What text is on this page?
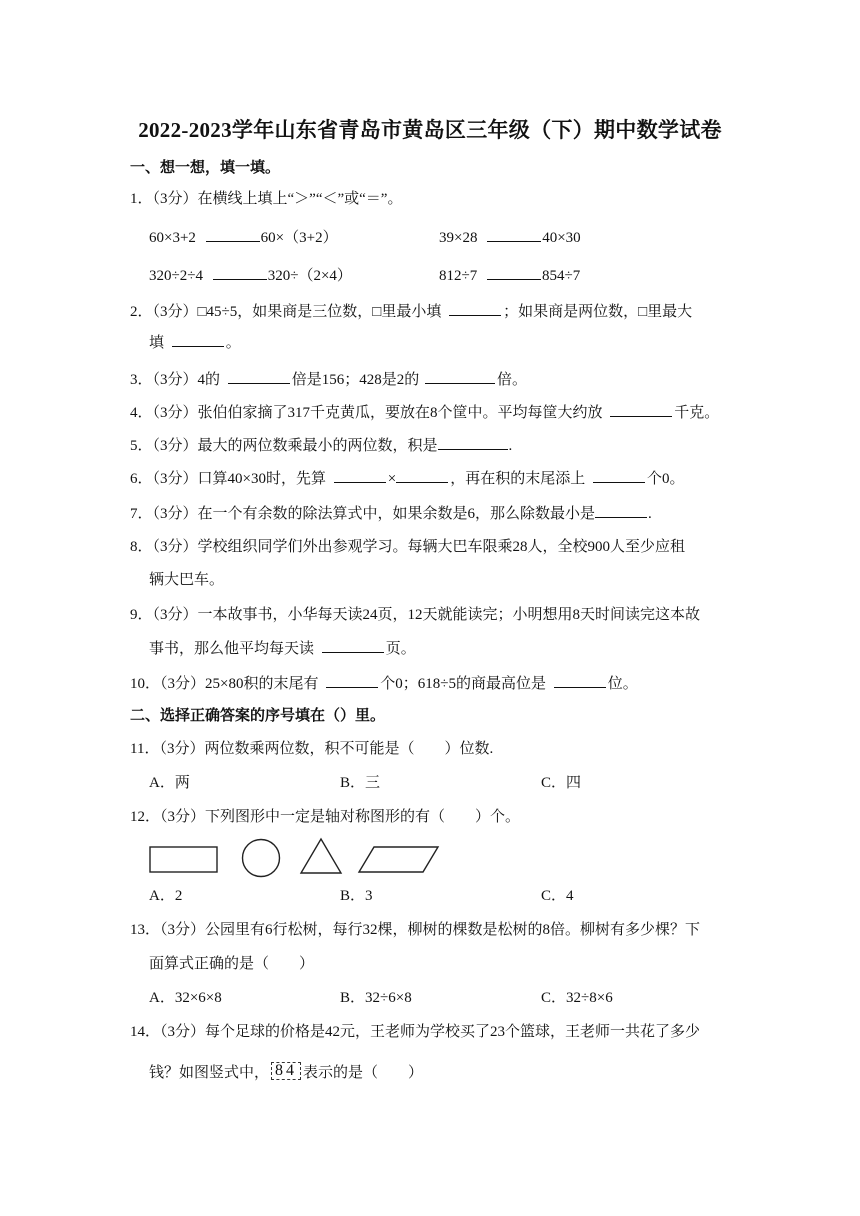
2022-2023学年山东省青岛市黄岛区三年级（下）期中数学试卷
一、想一想，填一填。
1．（3分）在横线上填上“＞”“＜”或“＝”。
60×3+2	60×（3+2）	39×28	40×30
320÷2÷4	320÷（2×4）	812÷7	854÷7
2．（3分）□45÷5，如果商是三位数，□里最小填	；如果商是两位数，□里最大
填	。
3．（3分）4的	倍是156；428是2的	倍。
4．（3分）张伯伯家摘了317千克黄瓜，要放在8个筐中。平均每筐大约放	千克。
5．（3分）最大的两位数乘最小的两位数，积是	.
6．（3分）口算40×30时，先算	×	，再在积的末尾添上	个0。
7．（3分）在一个有余数的除法算式中，如果余数是6，那么除数最小是	.
8．（3分）学校组织同学们外出参观学习。每辆大巴车限乘28人，全校900人至少应租
辆大巴车。
9．（3分）一本故事书，小华每天读24页，12天就能读完；小明想用8天时间读完这本故
事书，那么他平均每天读	页。
10．（3分）25×80积的末尾有	个0；618÷5的商最高位是	位。
二、选择正确答案的序号填在（）里。
11．（3分）两位数乘两位数，积不可能是（　　）位数.
A．两	B．三	C．四
12．（3分）下列图形中一定是轴对称图形的有（　　）个。
A．2	B．3	C．4
13．（3分）公园里有6行松树，每行32棵，柳树的棵数是松树的8倍。柳树有多少棵？下
面算式正确的是（　　）
A．32×6×8	B．32÷6×8	C．32÷8×6
14．（3分）每个足球的价格是42元，王老师为学校买了23个篮球，王老师一共花了多少
钱？如图竖式中， 84 表示的是（　　）
